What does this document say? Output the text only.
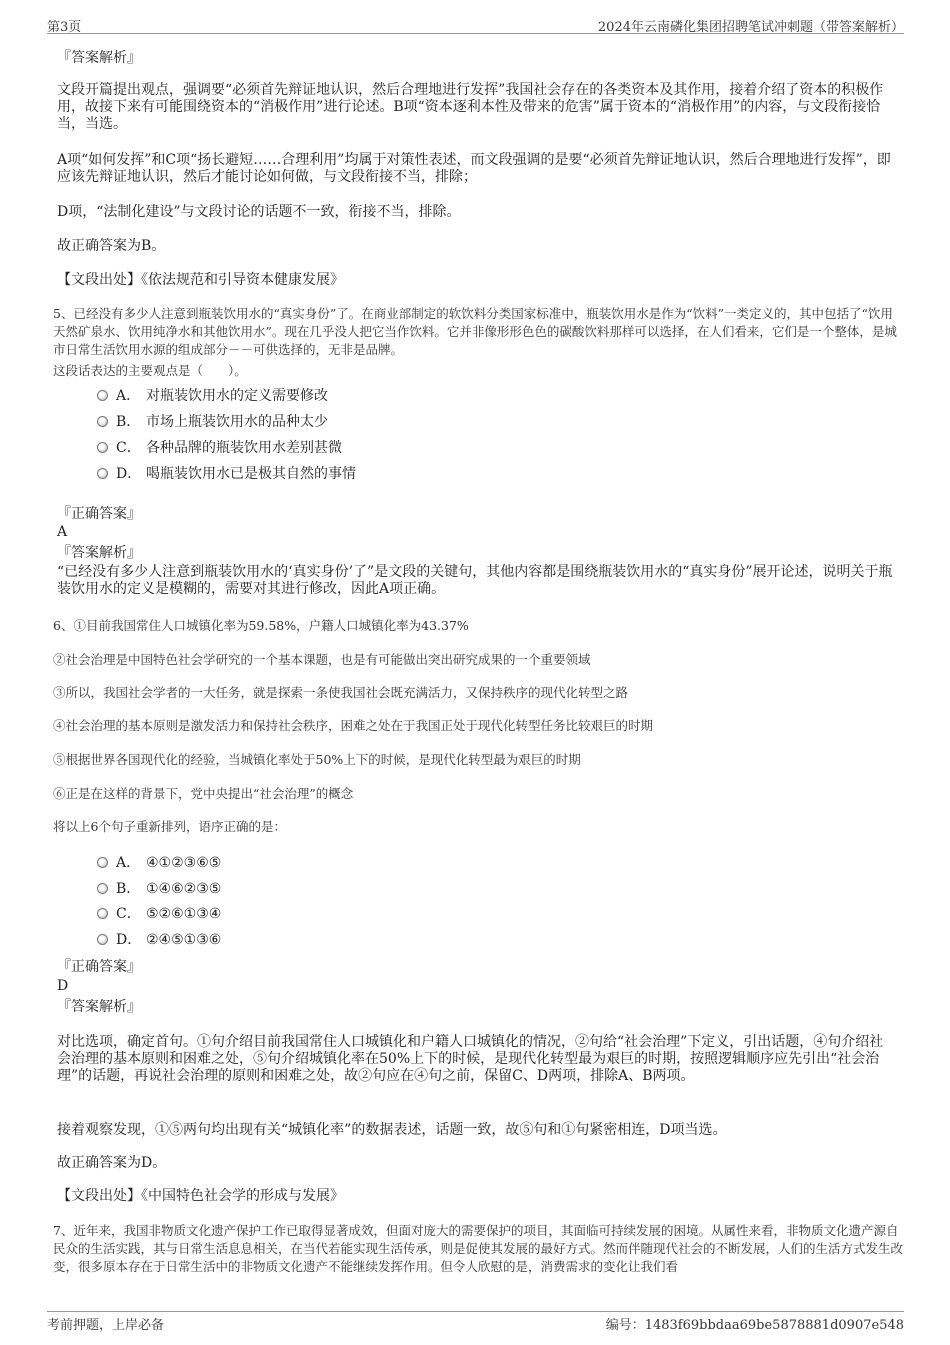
第3页	2024年云南磷化集团招聘笔试冲刺题（带答案解析）
『答案解析』
文段开篇提出观点，强调要“必须首先辩证地认识，然后合理地进行发挥”我国社会存在的各类资本及其作用，接着介绍了资本的积极作用，故接下来有可能围绕资本的“消极作用”进行论述。B项“资本逐利本性及带来的危害”属于资本的“消极作用”的内容，与文段衔接恰当，当选。
A项“如何发挥”和C项“扬长避短……合理利用”均属于对策性表述，而文段强调的是要“必须首先辩证地认识，然后合理地进行发挥”，即应该先辩证地认识，然后才能讨论如何做，与文段衔接不当，排除；
D项，“法制化建设”与文段讨论的话题不一致，衔接不当，排除。
故正确答案为B。
【文段出处】《依法规范和引导资本健康发展》
5、已经没有多少人注意到瓶装饮用水的“真实身份”了。在商业部制定的软饮料分类国家标准中，瓶装饮用水是作为“饮料”一类定义的，其中包括了“饮用天然矿泉水、饮用纯净水和其他饮用水”。现在几乎没人把它当作饮料。它并非像形形色色的碳酸饮料那样可以选择，在人们看来，它们是一个整体，是城市日常生活饮用水源的组成部分－－可供选择的，无非是品牌。
这段话表达的主要观点是（　　）。
A． 对瓶装饮用水的定义需要修改
B． 市场上瓶装饮用水的品种太少
C． 各种品牌的瓶装饮用水差别甚微
D． 喝瓶装饮用水已是极其自然的事情
『正确答案』
A
『答案解析』
“已经没有多少人注意到瓶装饮用水的‘真实身份’了”是文段的关键句，其他内容都是围绕瓶装饮用水的“真实身份”展开论述，说明关于瓶装饮用水的定义是模糊的，需要对其进行修改，因此A项正确。
6、①目前我国常住人口城镇化率为59.58%，户籍人口城镇化率为43.37%
②社会治理是中国特色社会学研究的一个基本课题，也是有可能做出突出研究成果的一个重要领域
③所以，我国社会学者的一大任务，就是探索一条使我国社会既充满活力，又保持秩序的现代化转型之路
④社会治理的基本原则是激发活力和保持社会秩序，困难之处在于我国正处于现代化转型任务比较艰巨的时期
⑤根据世界各国现代化的经验，当城镇化率处于50%上下的时候，是现代化转型最为艰巨的时期
⑥正是在这样的背景下，党中央提出“社会治理”的概念
将以上6个句子重新排列，语序正确的是：
A． ④①②③⑥⑤
B． ①④⑥②③⑤
C． ⑤②⑥①③④
D． ②④⑤①③⑥
『正确答案』
D
『答案解析』
对比选项，确定首句。①句介绍目前我国常住人口城镇化和户籍人口城镇化的情况，②句给“社会治理”下定义，引出话题，④句介绍社会治理的基本原则和困难之处，⑤句介绍城镇化率在50%上下的时候，是现代化转型最为艰巨的时期，按照逻辑顺序应先引出“社会治理”的话题，再说社会治理的原则和困难之处，故②句应在④句之前，保留C、D两项，排除A、B两项。
接着观察发现，①⑤两句均出现有关“城镇化率”的数据表述，话题一致，故⑤句和①句紧密相连，D项当选。
故正确答案为D。
【文段出处】《中国特色社会学的形成与发展》
7、近年来，我国非物质文化遗产保护工作已取得显著成效，但面对庞大的需要保护的项目，其面临可持续发展的困境。从属性来看，非物质文化遗产源自民众的生活实践，其与日常生活息息相关，在当代若能实现生活传承，则是促使其发展的最好方式。然而伴随现代社会的不断发展，人们的生活方式发生改变，很多原本存在于日常生活中的非物质文化遗产不能继续发挥作用。但令人欣慰的是，消费需求的变化让我们看
考前押题，上岸必备	编号：1483f69bbdaa69be5878881d0907e548
